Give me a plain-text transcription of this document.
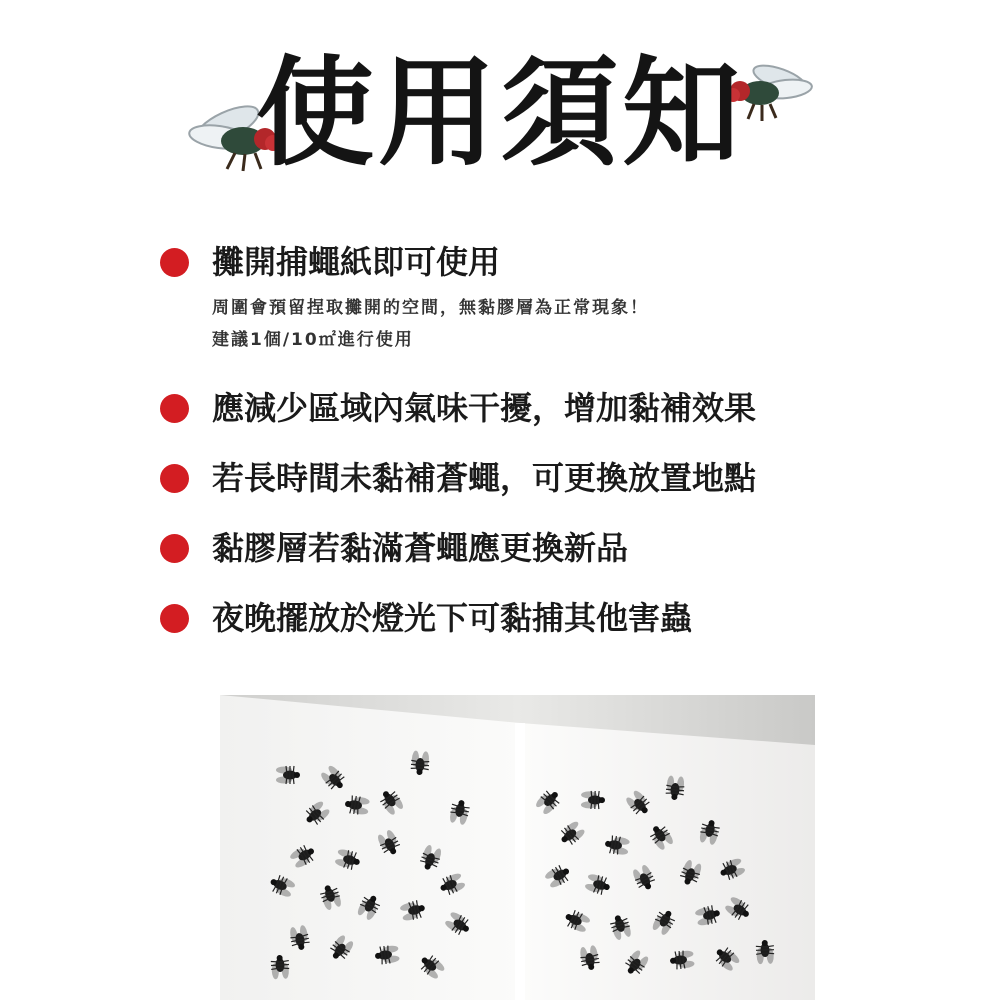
使用須知
攤開捕蠅紙即可使用
周圍會預留捏取攤開的空間，無黏膠層為正常現象！
建議1個/10㎡進行使用
應減少區域內氣味干擾，增加黏補效果
若長時間未黏補蒼蠅，可更換放置地點
黏膠層若黏滿蒼蠅應更換新品
夜晚擺放於燈光下可黏捕其他害蟲
